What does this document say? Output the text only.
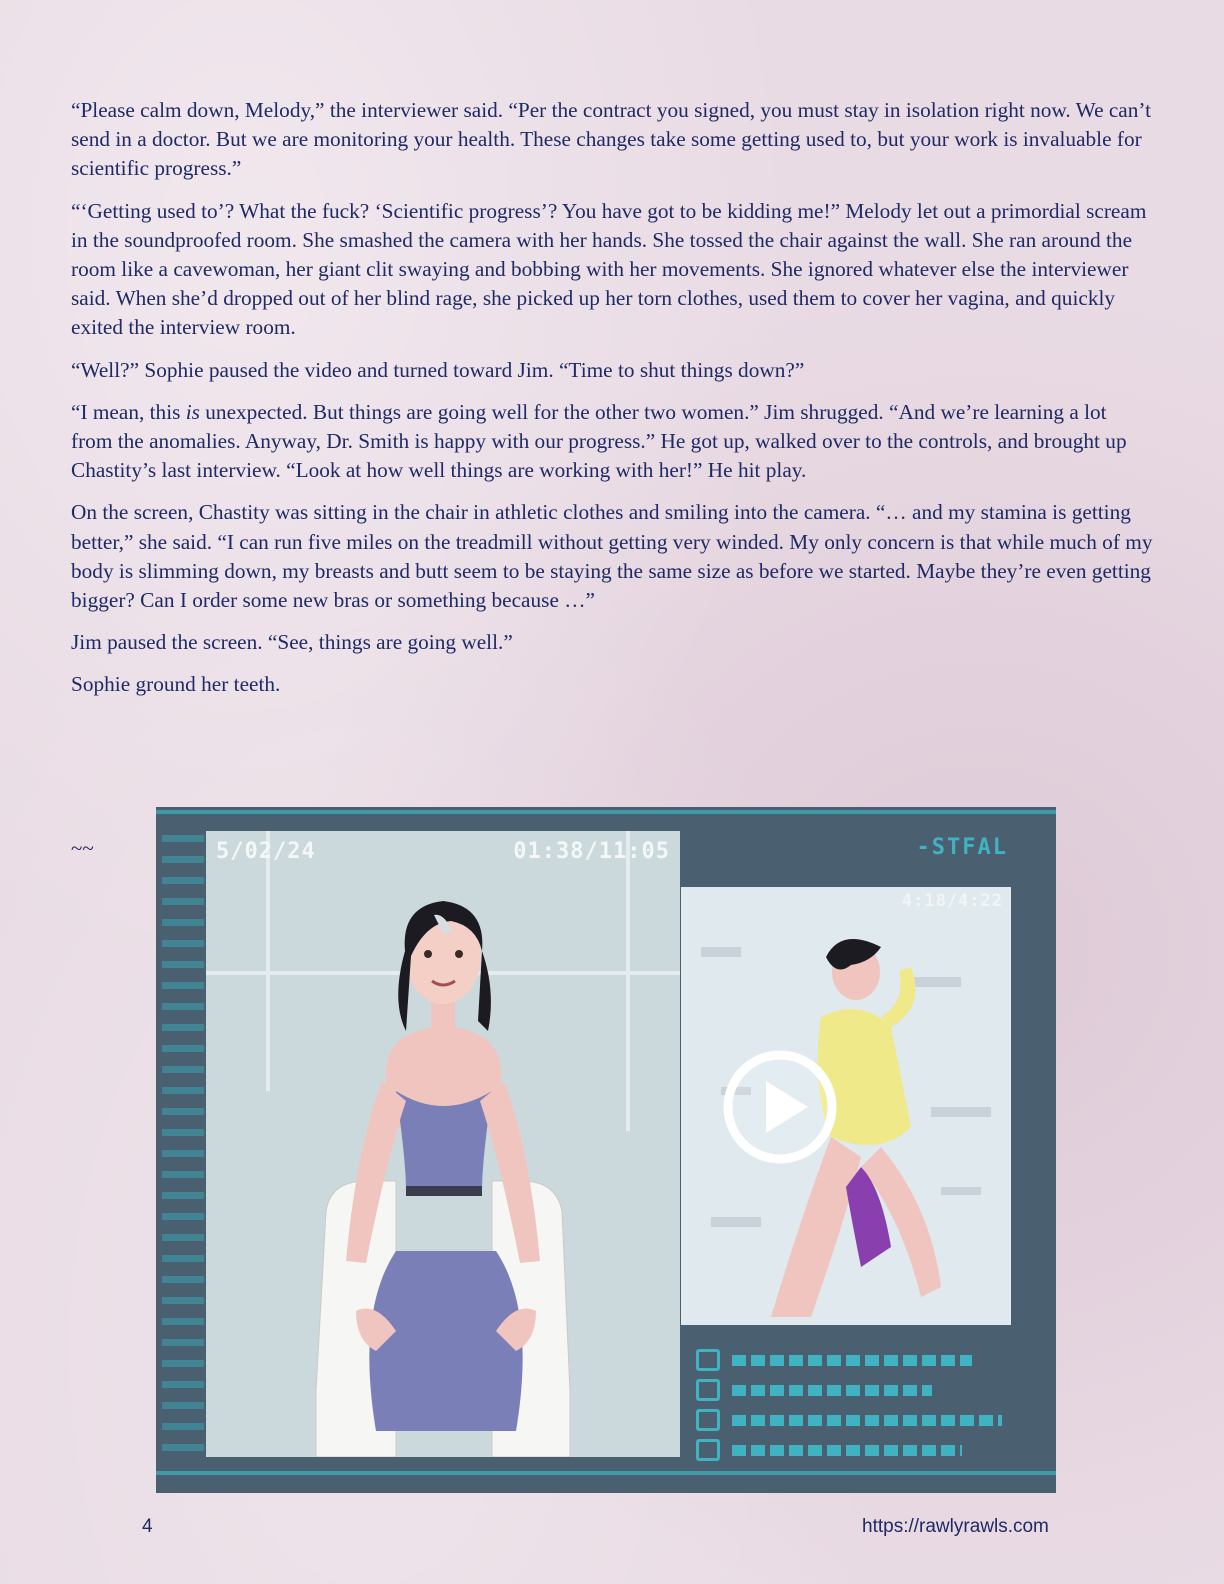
“Please calm down, Melody,” the interviewer said. “Per the contract you signed, you must stay in isolation right now. We can’t send in a doctor. But we are monitoring your health. These changes take some getting used to, but your work is invaluable for scientific progress.”

“‘Getting used to’? What the fuck? ‘Scientific progress’? You have got to be kidding me!” Melody let out a primordial scream in the soundproofed room. She smashed the camera with her hands. She tossed the chair against the wall. She ran around the room like a cavewoman, her giant clit swaying and bobbing with her movements. She ignored whatever else the interviewer said. When she’d dropped out of her blind rage, she picked up her torn clothes, used them to cover her vagina, and quickly exited the interview room.

“Well?” Sophie paused the video and turned toward Jim. “Time to shut things down?”

“I mean, this is unexpected. But things are going well for the other two women.” Jim shrugged. “And we’re learning a lot from the anomalies. Anyway, Dr. Smith is happy with our progress.” He got up, walked over to the controls, and brought up Chastity’s last interview. “Look at how well things are working with her!” He hit play.

On the screen, Chastity was sitting in the chair in athletic clothes and smiling into the camera. “… and my stamina is getting better,” she said. “I can run five miles on the treadmill without getting very winded. My only concern is that while much of my body is slimming down, my breasts and butt seem to be staying the same size as before we started. Maybe they’re even getting bigger? Can I order some new bras or something because …”

Jim paused the screen. “See, things are going well.”

Sophie ground her teeth.

~~	5/02/24	01:38/11:05	-STFAL
4:18/4:22
4	https://rawlyrawls.com
